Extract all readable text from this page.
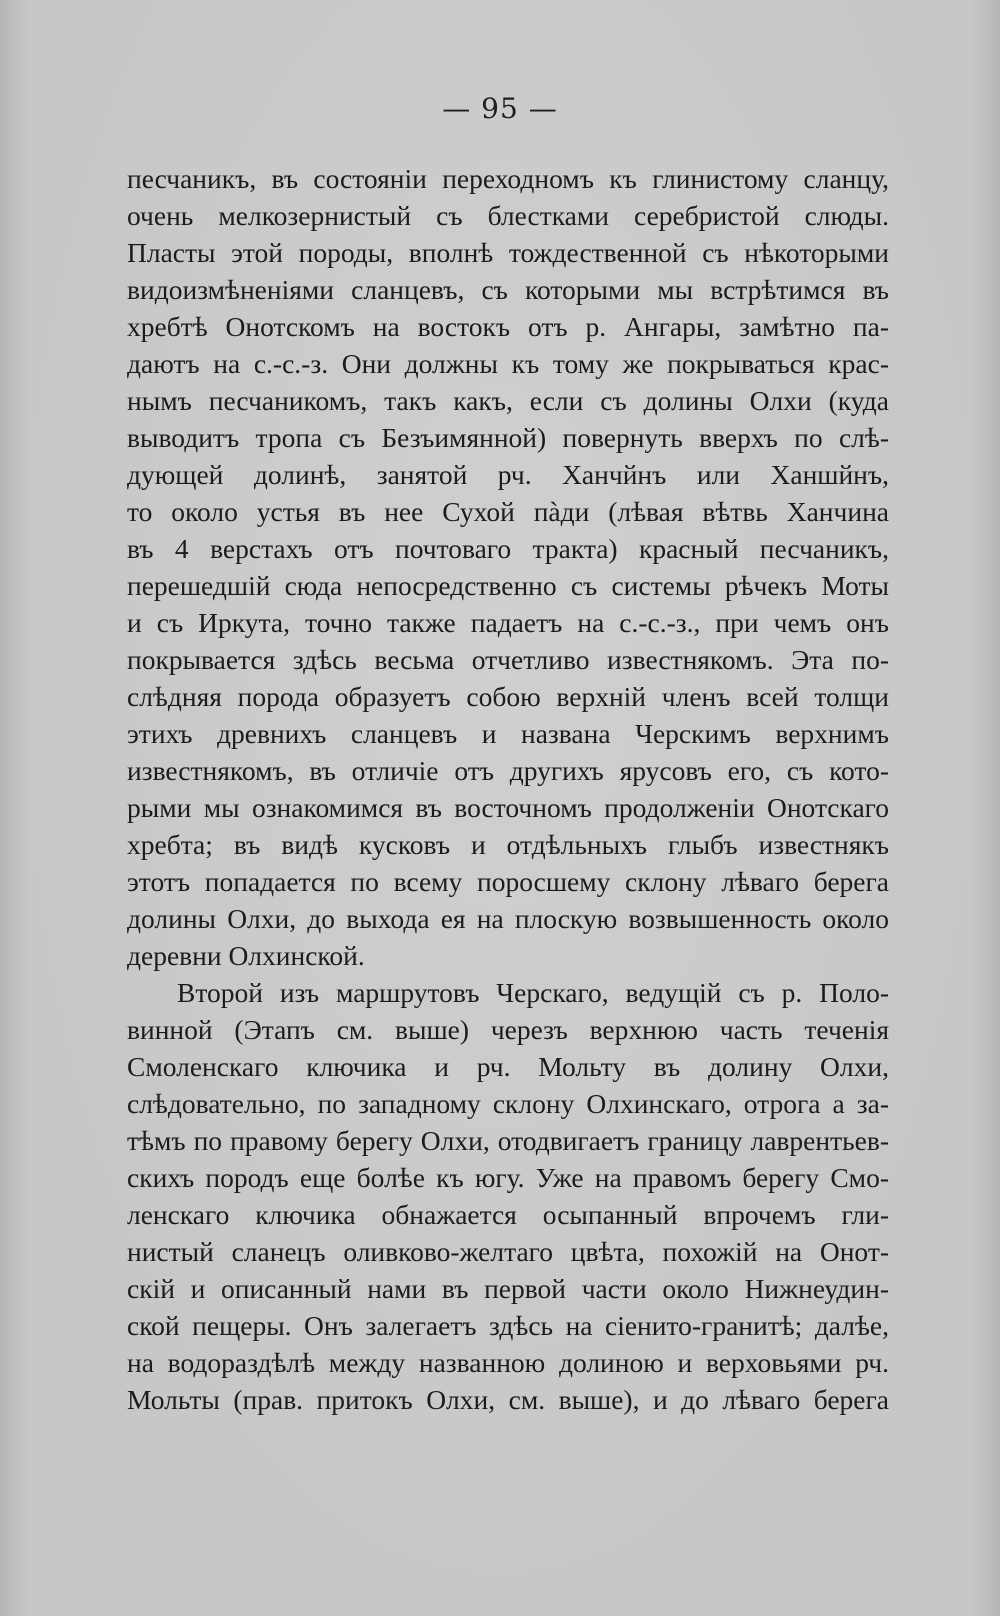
— 95 —
песчаникъ, въ состояніи переходномъ къ глинистому сланцу,
очень мелкозернистый съ блестками серебристой слюды.
Пласты этой породы, вполнѣ тождественной съ нѣкоторыми
видоизмѣненіями сланцевъ, съ которыми мы встрѣтимся въ
хребтѣ Онотскомъ на востокъ отъ р. Ангары, замѣтно па-
даютъ на с.-с.-з. Они должны къ тому же покрываться крас-
нымъ песчаникомъ, такъ какъ, если съ долины Олхи (куда
выводитъ тропа съ Безъимянной) повернуть вверхъ по слѣ-
дующей долинѣ, занятой рч. Ханчйнъ или Ханшйнъ,
то около устья въ нее Сухой пàди (лѣвая вѣтвь Ханчина
въ 4 верстахъ отъ почтоваго тракта) красный песчаникъ,
перешедшій сюда непосредственно съ системы рѣчекъ Моты
и съ Иркута, точно также падаетъ на с.-с.-з., при чемъ онъ
покрывается здѣсь весьма отчетливо известнякомъ. Эта по-
слѣдняя порода образуетъ собою верхній членъ всей толщи
этихъ древнихъ сланцевъ и названа Черскимъ верхнимъ
известнякомъ, въ отличіе отъ другихъ ярусовъ его, съ кото-
рыми мы ознакомимся въ восточномъ продолженіи Онотскаго
хребта; въ видѣ кусковъ и отдѣльныхъ глыбъ известнякъ
этотъ попадается по всему поросшему склону лѣваго берега
долины Олхи, до выхода ея на плоскую возвышенность около
деревни Олхинской.
Второй изъ маршрутовъ Черскаго, ведущій съ р. Поло-
винной (Этапъ см. выше) черезъ верхнюю часть теченія
Смоленскаго ключика и рч. Мольту въ долину Олхи,
слѣдовательно, по западному склону Олхинскаго, отрога а за-
тѣмъ по правому берегу Олхи, отодвигаетъ границу лаврентьев-
скихъ породъ еще болѣе къ югу. Уже на правомъ берегу Смо-
ленскаго ключика обнажается осыпанный впрочемъ гли-
нистый сланецъ оливково-желтаго цвѣта, похожій на Онот-
скій и описанный нами въ первой части около Нижнеудин-
ской пещеры. Онъ залегаетъ здѣсь на сіенито-гранитѣ; далѣе,
на водораздѣлѣ между названною долиною и верховьями рч.
Мольты (прав. притокъ Олхи, см. выше), и до лѣваго берега
